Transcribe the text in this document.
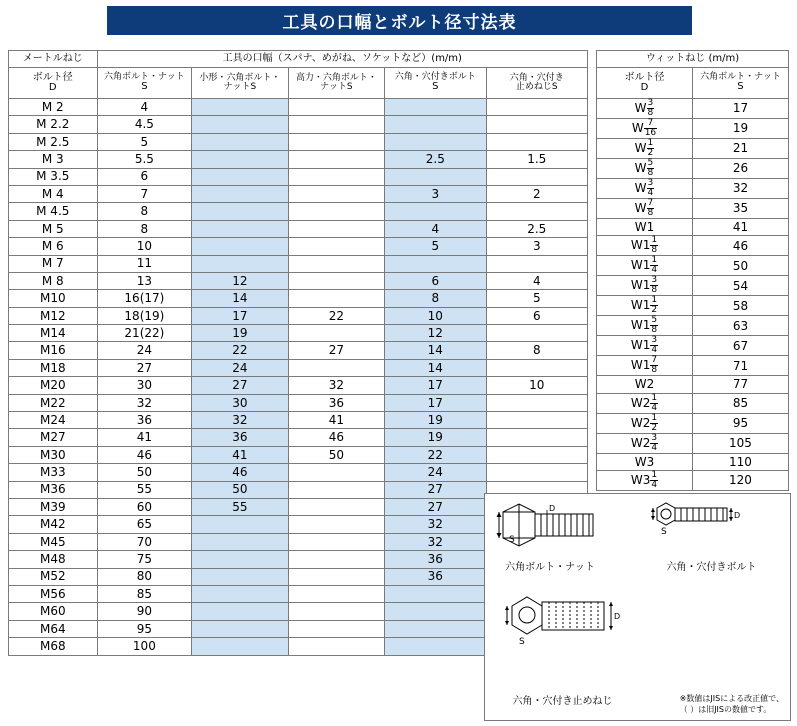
工具の口幅とボルト径寸法表
メートルねじ	工具の口幅（スパナ、めがね、ソケットなど）(m/m)				

ボルト径
D

六角ボルト・ナット
S

小形・六角ボルト・
ナットS

高力・六角ボルト・
ナットS

六角・穴付きボルト
S

六角・穴付き
止めねじS

M 2	4				
M 2.2	4.5				
M 2.5	5				
M 3	5.5			2.5	1.5
M 3.5	6				
M 4	7			3	2
M 4.5	8				
M 5	8			4	2.5
M 6	10			5	3
M 7	11				
M 8	13	12		6	4
M10	16(17)	14		8	5
M12	18(19)	17	22	10	6
M14	21(22)	19		12	
M16	24	22	27	14	8
M18	27	24		14	
M20	30	27	32	17	10
M22	32	30	36	17	
M24	36	32	41	19	
M27	41	36	46	19	
M30	46	41	50	22	
M33	50	46		24	
M36	55	50		27	
M39	60	55		27	
M42	65			32	
M45	70			32	
M48	75			36	
M52	80			36	
M56	85				
M60	90				
M64	95				
M68	100				
ウィットねじ (m/m)	

ボルト径
D

六角ボルト・ナット
S

W $\frac{3}{8}$	17
W $\frac{7}{16}$	19
W $\frac{1}{2}$	21
W $\frac{5}{8}$	26
W $\frac{3}{4}$	32
W $\frac{7}{8}$	35
W1	41
$W1 \frac{1}{8}$	46
$W1 \frac{1}{4}$	50
$W1 \frac{3}{8}$	54
$W1 \frac{1}{2}$	58
$W1 \frac{5}{8}$	63
$W1 \frac{3}{4}$	67
$W1 \frac{7}{8}$	71
W2	77
$W2 \frac{1}{4}$	85
$W2 \frac{1}{2}$	95
$W2 \frac{3}{4}$	105
W3	110
$W3 \frac{1}{4}$	120
S
D
S
D
S
D
六角ボルト・ナット	六角・穴付きボルト
六角・穴付き止めねじ	※数値はJISによる改正値で、
（ ）は旧JISの数値です。
